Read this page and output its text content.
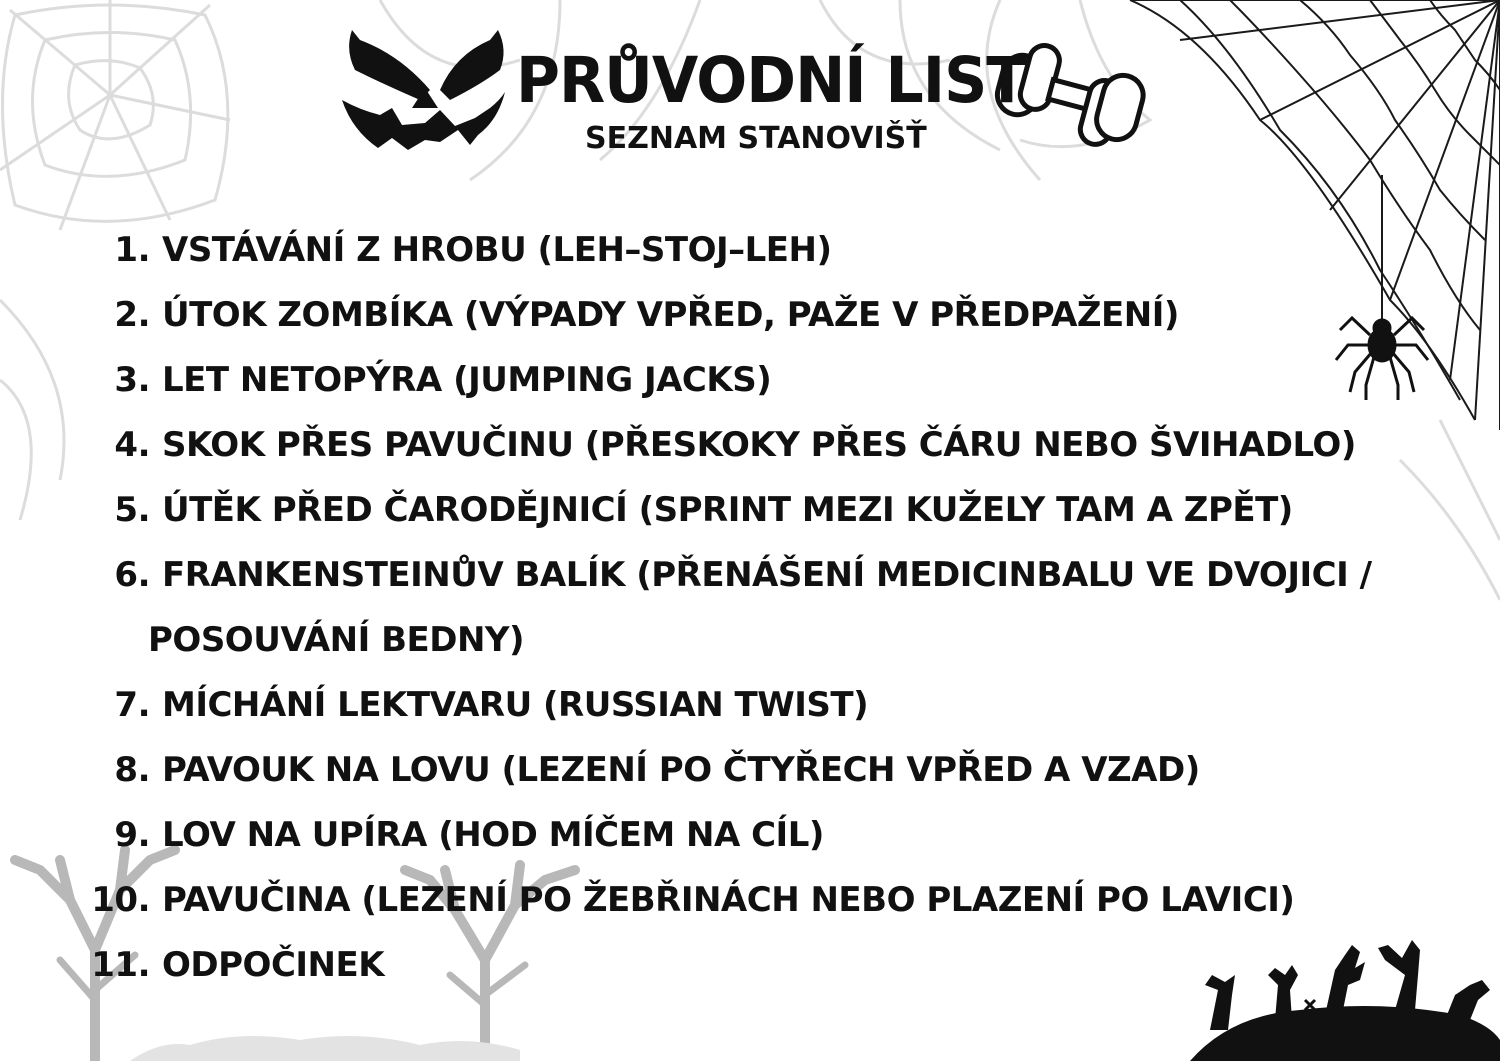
PRŮVODNÍ LIST
SEZNAM STANOVIŠŤ
1. VSTÁVÁNÍ Z HROBU (LEH–STOJ–LEH)
2. ÚTOK ZOMBÍKA (VÝPADY VPŘED, PAŽE V PŘEDPAŽENÍ)
3. LET NETOPÝRA (JUMPING JACKS)
4. SKOK PŘES PAVUČINU (PŘESKOKY PŘES ČÁRU NEBO ŠVIHADLO)
5. ÚTĚK PŘED ČARODĚJNICÍ (SPRINT MEZI KUŽELY TAM A ZPĚT)
6. FRANKENSTEINŮV BALÍK (PŘENÁŠENÍ MEDICINBALU VE DVOJICI /
POSOUVÁNÍ BEDNY)
7. MÍCHÁNÍ LEKTVARU (RUSSIAN TWIST)
8. PAVOUK NA LOVU (LEZENÍ PO ČTYŘECH VPŘED A VZAD)
9. LOV NA UPÍRA (HOD MÍČEM NA CÍL)
10. PAVUČINA (LEZENÍ PO ŽEBŘINÁCH NEBO PLAZENÍ PO LAVICI)
11. ODPOČINEK
